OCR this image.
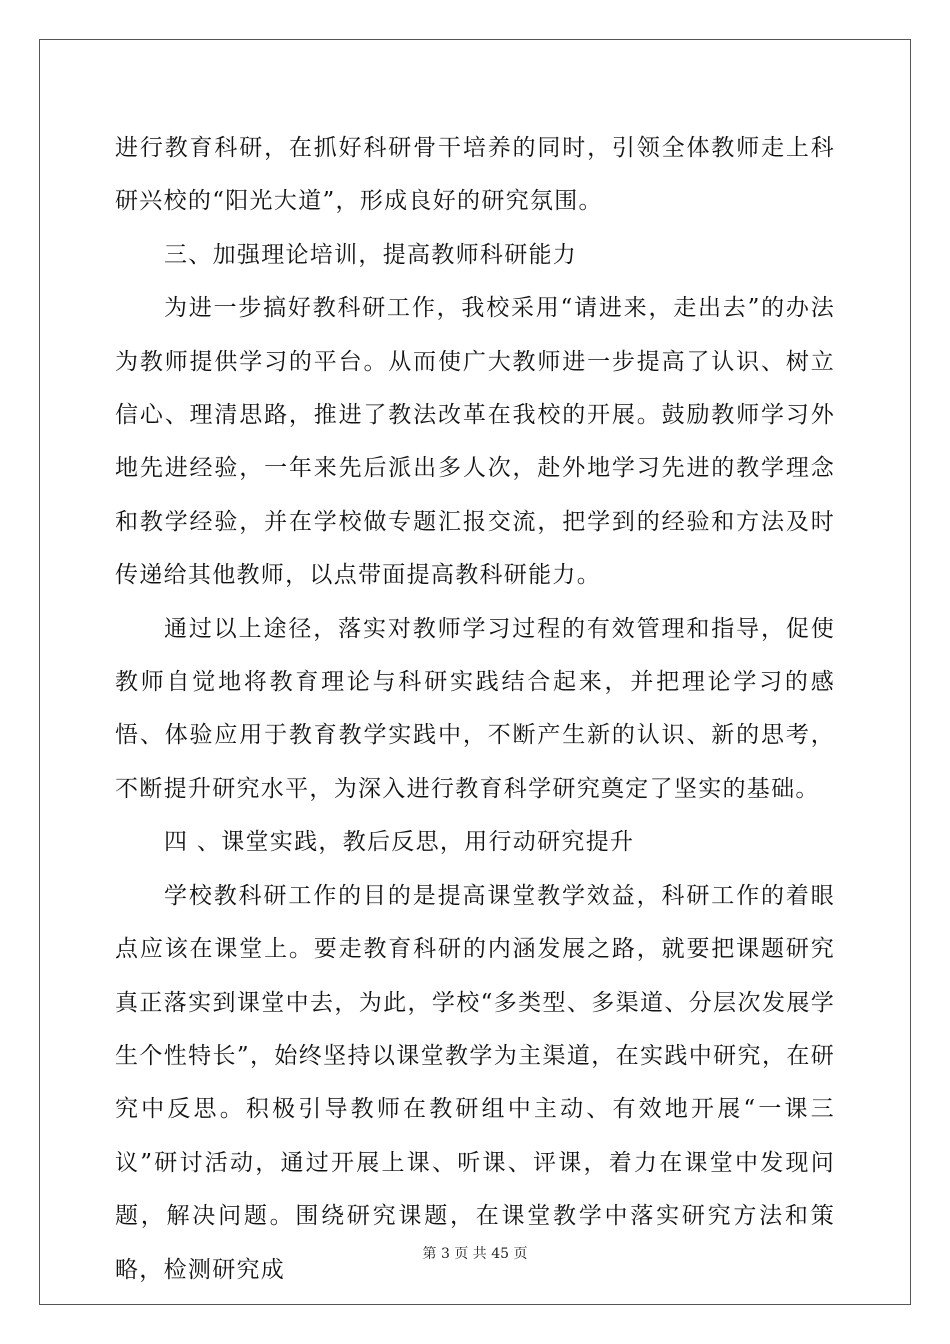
进行教育科研，在抓好科研骨干培养的同时，引领全体教师走上科研兴校的“阳光大道”，形成良好的研究氛围。

三、加强理论培训，提高教师科研能力

为进一步搞好教科研工作，我校采用“请进来，走出去”的办法为教师提供学习的平台。从而使广大教师进一步提高了认识、树立信心、理清思路，推进了教法改革在我校的开展。鼓励教师学习外地先进经验，一年来先后派出多人次，赴外地学习先进的教学理念和教学经验，并在学校做专题汇报交流，把学到的经验和方法及时传递给其他教师，以点带面提高教科研能力。

通过以上途径，落实对教师学习过程的有效管理和指导，促使教师自觉地将教育理论与科研实践结合起来，并把理论学习的感悟、体验应用于教育教学实践中，不断产生新的认识、新的思考，不断提升研究水平，为深入进行教育科学研究奠定了坚实的基础。

四 、课堂实践，教后反思，用行动研究提升

学校教科研工作的目的是提高课堂教学效益，科研工作的着眼点应该在课堂上。要走教育科研的内涵发展之路，就要把课题研究真正落实到课堂中去，为此，学校“多类型、多渠道、分层次发展学生个性特长”，始终坚持以课堂教学为主渠道，在实践中研究，在研究中反思。积极引导教师在教研组中主动、有效地开展“一课三议”研讨活动，通过开展上课、听课、评课，着力在课堂中发现问题，解决问题。围绕研究课题，在课堂教学中落实研究方法和策略，检测研究成

第 3 页 共 45 页
